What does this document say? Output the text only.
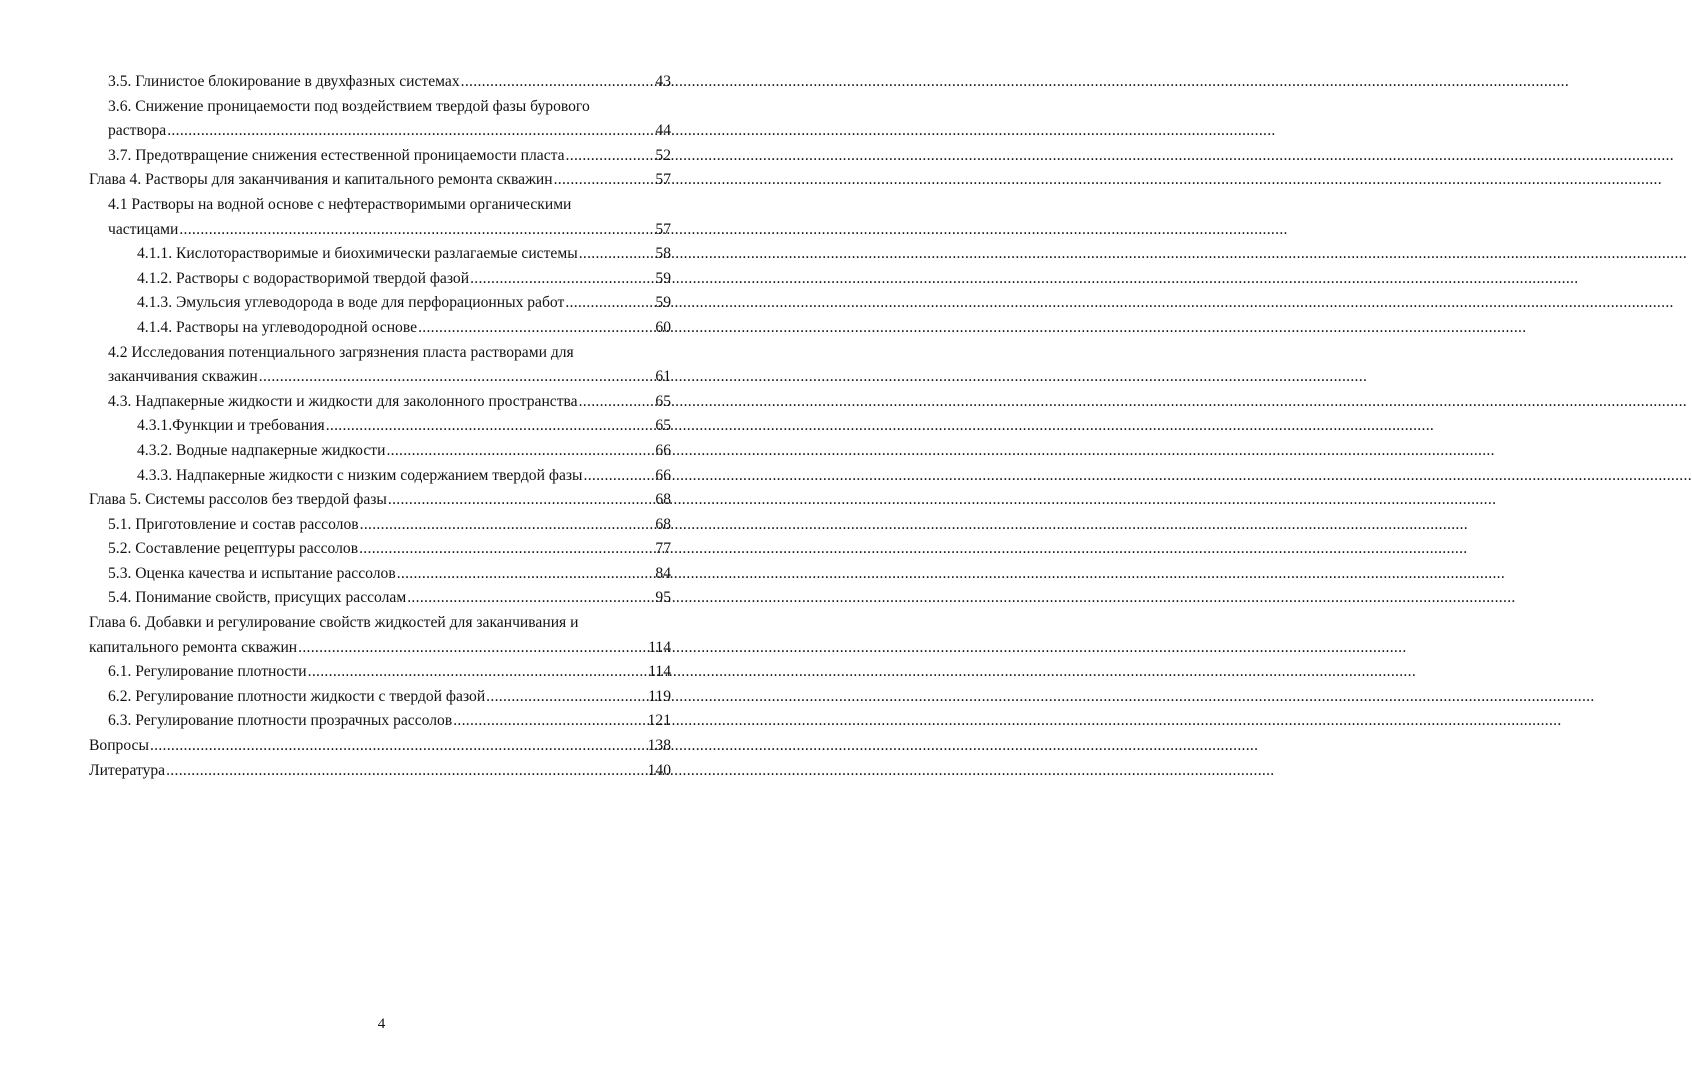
3.5. Глинистое блокирование в двухфазных системах .....	43
3.6. Снижение проницаемости под воздействием твердой фазы бурового
раствора .....	44
3.7. Предотвращение снижения естественной проницаемости пласта .....	52
Глава 4. Растворы для заканчивания и капитального ремонта скважин .....	57
4.1 Растворы на водной основе с нефтерастворимыми органическими
частицами .....	57
4.1.1. Кислоторастворимые и биохимически разлагаемые системы .....	58
4.1.2. Растворы с водорастворимой твердой фазой .....	59
4.1.3. Эмульсия углеводорода в воде для перфорационных работ .....	59
4.1.4. Растворы на углеводородной основе .....	60
4.2 Исследования потенциального загрязнения пласта растворами для
заканчивания скважин .....	61
4.3. Надпакерные жидкости и жидкости для заколонного пространства .....	65
4.3.1.Функции и требования .....	65
4.3.2. Водные надпакерные жидкости .....	66
4.3.3. Надпакерные жидкости с низким содержанием твердой фазы .....	66
Глава 5. Системы рассолов без твердой фазы .....	68
5.1. Приготовление и состав рассолов .....	68
5.2. Составление рецептуры рассолов .....	77
5.3. Оценка качества и испытание рассолов .....	84
5.4. Понимание свойств, присущих рассолам .....	95
Глава 6. Добавки и регулирование свойств жидкостей для заканчивания и
капитального ремонта скважин .....	114
6.1. Регулирование плотности .....	114
6.2. Регулирование плотности жидкости с твердой фазой .....	119
6.3. Регулирование плотности прозрачных рассолов .....	121
Вопросы .....	138
Литература .....	140
4
